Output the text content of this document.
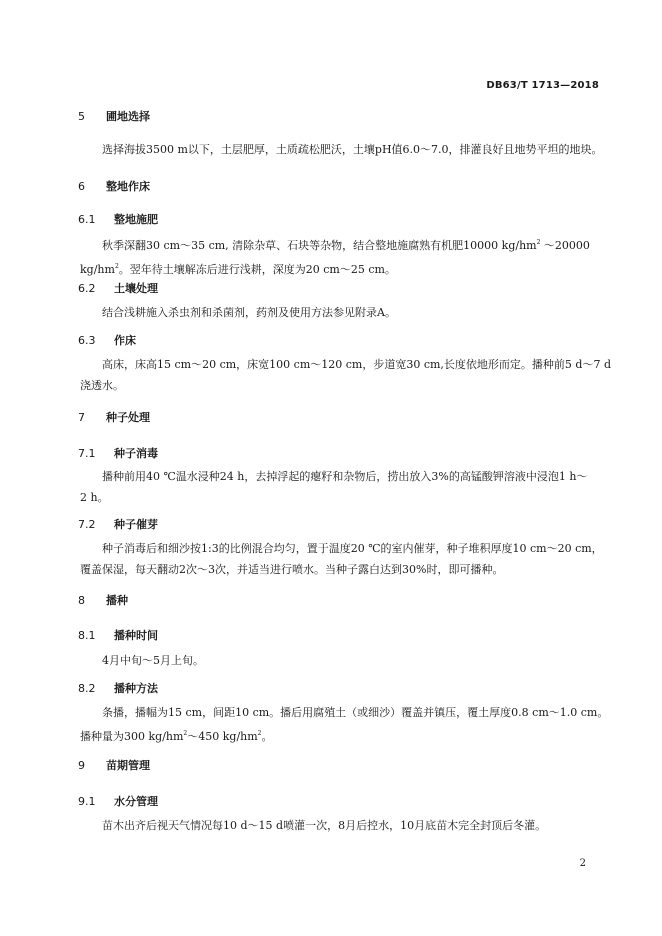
DB63/T 1713—2018
5 圃地选择
选择海拔3500 m以下，土层肥厚，土质疏松肥沃，土壤pH值6.0～7.0，排灌良好且地势平坦的地块。
6 整地作床
6.1 整地施肥
秋季深翻30 cm～35 cm, 清除杂草、石块等杂物，结合整地施腐熟有机肥10000 $kg/hm^2$ ～20000
$kg/hm^2$。翌年待土壤解冻后进行浅耕，深度为20 cm～25 cm。
6.2 土壤处理
结合浅耕施入杀虫剂和杀菌剂，药剂及使用方法参见附录A。
6.3 作床
高床，床高15 cm～20 cm，床宽100 cm～120 cm，步道宽30 cm,长度依地形而定。播种前5 d～7 d
浇透水。
7 种子处理
7.1 种子消毒
播种前用40 ℃温水浸种24 h，去掉浮起的瘪籽和杂物后，捞出放入3%的高锰酸钾溶液中浸泡1 h～
2 h。
7.2 种子催芽
种子消毒后和细沙按1:3的比例混合均匀，置于温度20 ℃的室内催芽，种子堆积厚度10 cm～20 cm，
覆盖保湿，每天翻动2次～3次，并适当进行喷水。当种子露白达到30%时，即可播种。
8 播种
8.1 播种时间
4月中旬～5月上旬。
8.2 播种方法
条播，播幅为15 cm，间距10 cm。播后用腐殖土（或细沙）覆盖并镇压，覆土厚度0.8 cm～1.0 cm。
播种量为300 $kg/hm^2\sim 450$ $kg/hm^2$。
9 苗期管理
9.1 水分管理
苗木出齐后视天气情况每10 d～15 d喷灌一次，8月后控水，10月底苗木完全封顶后冬灌。
2
